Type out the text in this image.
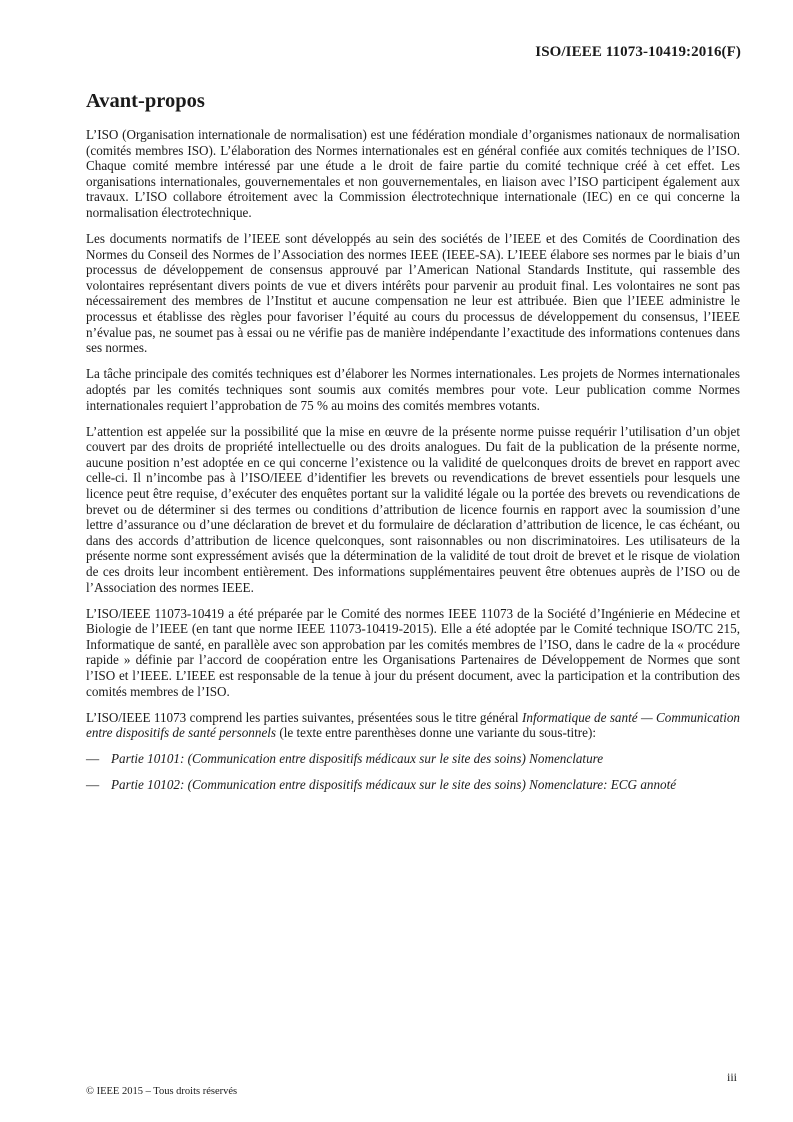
ISO/IEEE 11073-10419:2016(F)
Avant-propos

L’ISO (Organisation internationale de normalisation) est une fédération mondiale d’organismes nationaux de normalisation (comités membres ISO). L’élaboration des Normes internationales est en général confiée aux comités techniques de l’ISO. Chaque comité membre intéressé par une étude a le droit de faire partie du comité technique créé à cet effet. Les organisations internationales, gouvernementales et non gouvernementales, en liaison avec l’ISO participent également aux travaux. L’ISO collabore étroitement avec la Commission électrotechnique internationale (IEC) en ce qui concerne la normalisation électrotechnique.

Les documents normatifs de l’IEEE sont développés au sein des sociétés de l’IEEE et des Comités de Coordination des Normes du Conseil des Normes de l’Association des normes IEEE (IEEE-SA). L’IEEE élabore ses normes par le biais d’un processus de développement de consensus approuvé par l’American National Standards Institute, qui rassemble des volontaires représentant divers points de vue et divers intérêts pour parvenir au produit final. Les volontaires ne sont pas nécessairement des membres de l’Institut et aucune compensation ne leur est attribuée. Bien que l’IEEE administre le processus et établisse des règles pour favoriser l’équité au cours du processus de développement du consensus, l’IEEE n’évalue pas, ne soumet pas à essai ou ne vérifie pas de manière indépendante l’exactitude des informations contenues dans ses normes.

La tâche principale des comités techniques est d’élaborer les Normes internationales. Les projets de Normes internationales adoptés par les comités techniques sont soumis aux comités membres pour vote. Leur publication comme Normes internationales requiert l’approbation de 75 % au moins des comités membres votants.

L’attention est appelée sur la possibilité que la mise en œuvre de la présente norme puisse requérir l’utilisation d’un objet couvert par des droits de propriété intellectuelle ou des droits analogues. Du fait de la publication de la présente norme, aucune position n’est adoptée en ce qui concerne l’existence ou la validité de quelconques droits de brevet en rapport avec celle-ci. Il n’incombe pas à l’ISO/IEEE d’identifier les brevets ou revendications de brevet essentiels pour lesquels une licence peut être requise, d’exécuter des enquêtes portant sur la validité légale ou la portée des brevets ou revendications de brevet ou de déterminer si des termes ou conditions d’attribution de licence fournis en rapport avec la soumission d’une lettre d’assurance ou d’une déclaration de brevet et du formulaire de déclaration d’attribution de licence, le cas échéant, ou dans des accords d’attribution de licence quelconques, sont raisonnables ou non discriminatoires. Les utilisateurs de la présente norme sont expressément avisés que la détermination de la validité de tout droit de brevet et le risque de violation de ces droits leur incombent entièrement. Des informations supplémentaires peuvent être obtenues auprès de l’ISO ou de l’Association des normes IEEE.

L’ISO/IEEE 11073-10419 a été préparée par le Comité des normes IEEE 11073 de la Société d’Ingénierie en Médecine et Biologie de l’IEEE (en tant que norme IEEE 11073-10419-2015). Elle a été adoptée par le Comité technique ISO/TC 215, Informatique de santé, en parallèle avec son approbation par les comités membres de l’ISO, dans le cadre de la « procédure rapide » définie par l’accord de coopération entre les Organisations Partenaires de Développement de Normes que sont l’ISO et l’IEEE. L’IEEE est responsable de la tenue à jour du présent document, avec la participation et la contribution des comités membres de l’ISO.

L’ISO/IEEE 11073 comprend les parties suivantes, présentées sous le titre général Informatique de santé — Communication entre dispositifs de santé personnels (le texte entre parenthèses donne une variante du sous-titre):

— Partie 10101: (Communication entre dispositifs médicaux sur le site des soins) Nomenclature
— Partie 10102: (Communication entre dispositifs médicaux sur le site des soins) Nomenclature: ECG annoté
iii
© IEEE 2015 – Tous droits réservés
